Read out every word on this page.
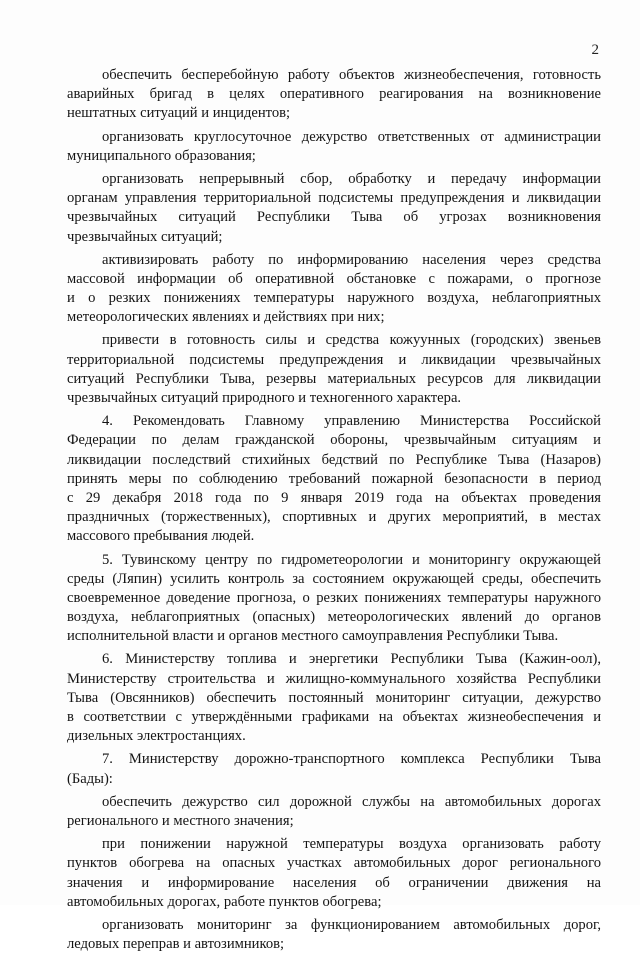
2
обеспечить бесперебойную работу объектов жизнеобеспечения, готовность
аварийных бригад в целях оперативного реагирования на возникновение
нештатных ситуаций и инцидентов;
организовать круглосуточное дежурство ответственных от администрации
муниципального образования;
организовать непрерывный сбор, обработку и передачу информации
органам управления территориальной подсистемы предупреждения и ликвидации
чрезвычайных ситуаций Республики Тыва об угрозах возникновения
чрезвычайных ситуаций;
активизировать работу по информированию населения через средства
массовой информации об оперативной обстановке с пожарами, о прогнозе
и о резких понижениях температуры наружного воздуха, неблагоприятных
метеорологических явлениях и действиях при них;
привести в готовность силы и средства кожуунных (городских) звеньев
территориальной подсистемы предупреждения и ликвидации чрезвычайных
ситуаций Республики Тыва, резервы материальных ресурсов для ликвидации
чрезвычайных ситуаций природного и техногенного характера.
4. Рекомендовать Главному управлению Министерства Российской
Федерации по делам гражданской обороны, чрезвычайным ситуациям и
ликвидации последствий стихийных бедствий по Республике Тыва (Назаров)
принять меры по соблюдению требований пожарной безопасности в период
с 29 декабря 2018 года по 9 января 2019 года на объектах проведения
праздничных (торжественных), спортивных и других мероприятий, в местах
массового пребывания людей.
5. Тувинскому центру по гидрометеорологии и мониторингу окружающей
среды (Ляпин) усилить контроль за состоянием окружающей среды, обеспечить
своевременное доведение прогноза, о резких понижениях температуры наружного
воздуха, неблагоприятных (опасных) метеорологических явлений до органов
исполнительной власти и органов местного самоуправления Республики Тыва.
6. Министерству топлива и энергетики Республики Тыва (Кажин-оол),
Министерству строительства и жилищно-коммунального хозяйства Республики
Тыва (Овсянников) обеспечить постоянный мониторинг ситуации, дежурство
в соответствии с утверждёнными графиками на объектах жизнеобеспечения и
дизельных электростанциях.
7. Министерству дорожно-транспортного комплекса Республики Тыва
(Бады):
обеспечить дежурство сил дорожной службы на автомобильных дорогах
регионального и местного значения;
при понижении наружной температуры воздуха организовать работу
пунктов обогрева на опасных участках автомобильных дорог регионального
значения и информирование населения об ограничении движения на
автомобильных дорогах, работе пунктов обогрева;
организовать мониторинг за функционированием автомобильных дорог,
ледовых переправ и автозимников;
